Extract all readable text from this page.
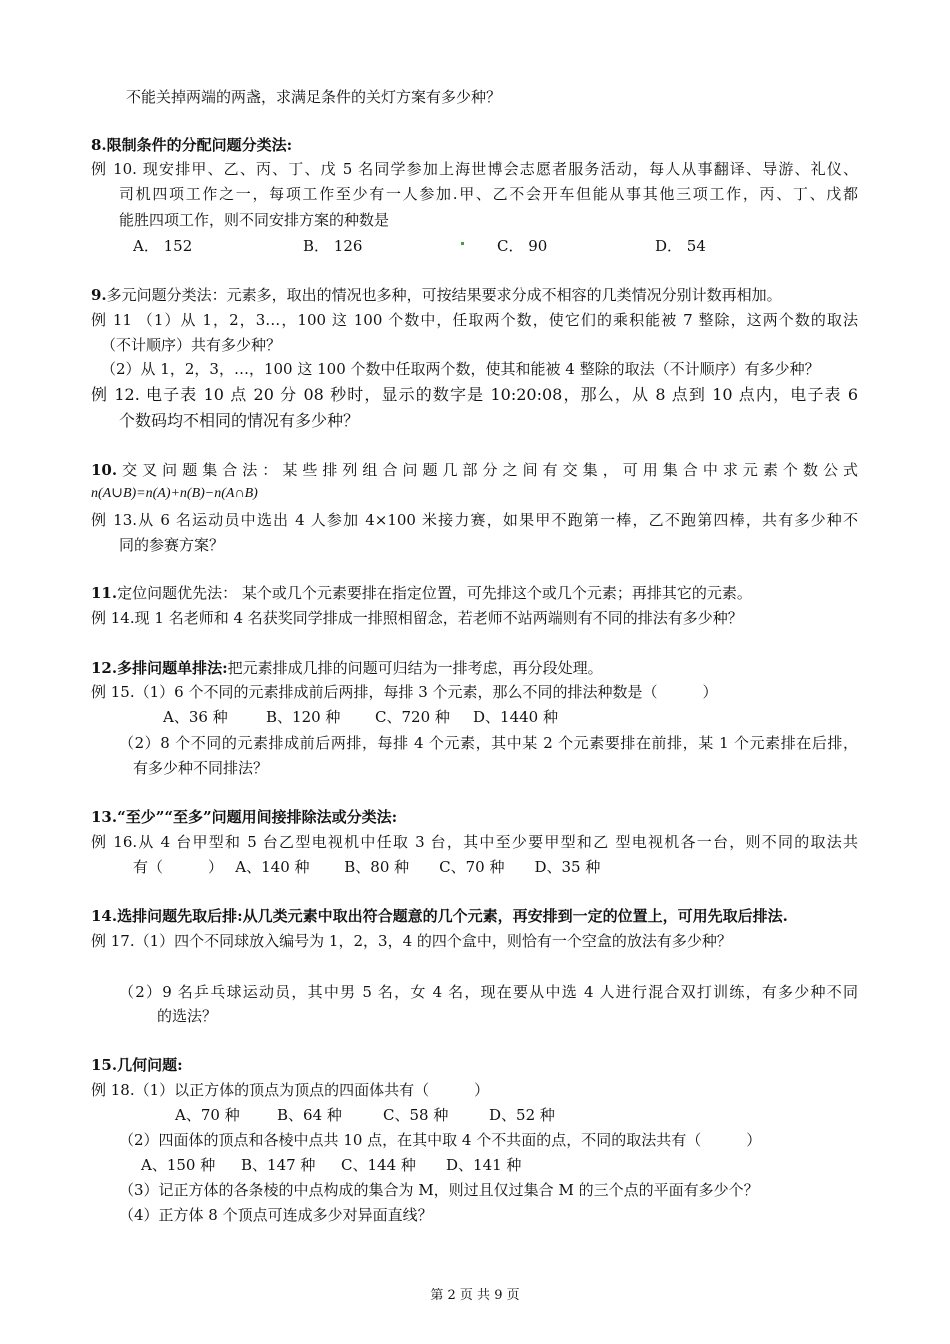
不能关掉两端的两盏，求满足条件的关灯方案有多少种？
8.限制条件的分配问题分类法:
例 10. 现安排甲、乙、丙、丁、戊 5 名同学参加上海世博会志愿者服务活动，每人从事翻译、导游、礼仪、
司机四项工作之一，每项工作至少有一人参加.甲、乙不会开车但能从事其他三项工作，丙、丁、戊都
能胜四项工作，则不同安排方案的种数是
A． 152	B． 126	C． 90	D． 54
9.多元问题分类法：元素多，取出的情况也多种，可按结果要求分成不相容的几类情况分别计数再相加。
例 11 （1）从 1，2，3…，100 这 100 个数中，任取两个数，使它们的乘积能被 7 整除，这两个数的取法
（不计顺序）共有多少种？
（2）从 1，2，3，…，100 这 100 个数中任取两个数，使其和能被 4 整除的取法（不计顺序）有多少种？
例 12. 电子表 10 点 20 分 08 秒时，显示的数字是 10:20:08，那么，从 8 点到 10 点内，电子表 6
个数码均不相同的情况有多少种？
10.交叉问题集合法：某些排列组合问题几部分之间有交集，可用集合中求元素个数公式
n(A∪B)=n(A)+n(B)−n(A∩B)
例 13.从 6 名运动员中选出 4 人参加 4×100 米接力赛，如果甲不跑第一棒，乙不跑第四棒，共有多少种不
同的参赛方案？
11.定位问题优先法： 某个或几个元素要排在指定位置，可先排这个或几个元素；再排其它的元素。
例 14.现 1 名老师和 4 名获奖同学排成一排照相留念，若老师不站两端则有不同的排法有多少种？
12.多排问题单排法:把元素排成几排的问题可归结为一排考虑，再分段处理。
例 15.（1）6 个不同的元素排成前后两排，每排 3 个元素，那么不同的排法种数是（　　　）
A、36 种	B、120 种 C、720 种 D、1440 种
（2）8 个不同的元素排成前后两排，每排 4 个元素，其中某 2 个元素要排在前排，某 1 个元素排在后排，
有多少种不同排法？
13.“至少”“至多”问题用间接排除法或分类法:
例 16.从 4 台甲型和 5 台乙型电视机中任取 3 台，其中至少要甲型和乙 型电视机各一台，则不同的取法共
有（　　　）　 A、140 种　　 B、80 种　　C、70 种　　D、35 种
14.选排问题先取后排:从几类元素中取出符合题意的几个元素，再安排到一定的位置上，可用先取后排法.
例 17.（1）四个不同球放入编号为 1，2，3，4 的四个盒中，则恰有一个空盒的放法有多少种？
（2）9 名乒乓球运动员，其中男 5 名，女 4 名，现在要从中选 4 人进行混合双打训练，有多少种不同
的选法？
15.几何问题:
例 18.（1）以正方体的顶点为顶点的四面体共有（　　　）
A、70 种 B、64 种	C、58 种	D、52 种
（2）四面体的顶点和各棱中点共 10 点，在其中取 4 个不共面的点，不同的取法共有（　　　）
A、150 种 B、147 种 C、144 种 D、141 种
（3）记正方体的各条棱的中点构成的集合为 M，则过且仅过集合 M 的三个点的平面有多少个？
（4）正方体 8 个顶点可连成多少对异面直线？
第 2 页 共 9 页
